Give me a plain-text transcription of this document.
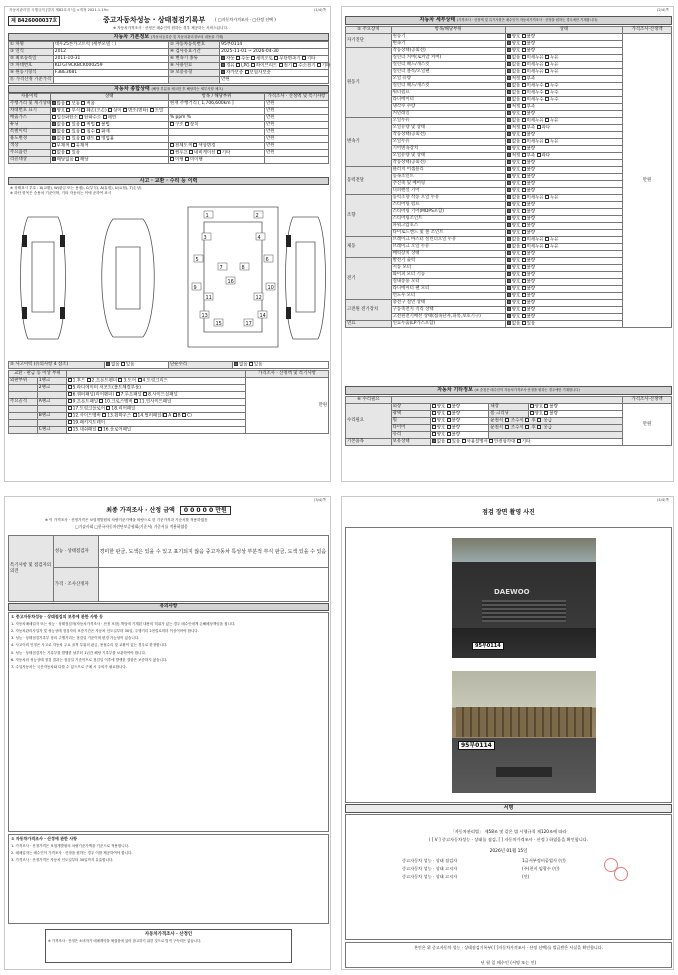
자동차관리법 시행규칙 [별지 제82호서식] <개정 2021.1.19>	(1/4)쪽
제 8426000037호	중고자동차성능 · 상태점검기록부 ( □자동차가격조사 · □산정 선택 )
※ 자동차가격조사 · 산정은 매수인이 원하는 경우 제공하는 서비스입니다.
자동차 기본정보 (자동차등록증 및 자동차관리정보의 내용을 기재)
① 차명	대우25톤카고트럭 (세부모델 : )	② 자동차등록번호	95부0114
③ 연식	2012	④ 검사유효기간	2025-11-01 ~ 2026-04-30
⑤ 최초등록일	2011-10-31	⑥ 변속기 종류	자동 수동 세미오토 무단변속기 기타
⑦ 차대번호	KLTGT9CKBCK000259	⑧ 사용연료	경유 LPG 하이브리드 전기 수소전기 기타
⑨ 원동기형식	F3BE3681	⑩ 보증유형	자가보증 보험사보증
⑪ 가격산정 기준가격			만원
자동차 종합상태 (해당 부분을 체크한 후 해당하는 세부사항 체크)
사용이력	상태	항목 / 해당부위	가격조사 · 산정액 및 특기사항
주행거리 및 계기상태	많음 보통 적음	현재 주행거리 [ 1,706,600km ]	만원
차대번호 표기	양호 부식 훼손(오손) 상이 변조(변타) 도말		만원
배출가스	일산화탄소 탄화수소 매연	% ppm %	만원
튜닝	없음 있음 적법 불법	구조 장치	만원
특별이력	없음 있음 침수 화재		만원
용도변경	없음 있음 렌트 영업용		만원
색상	무채색 유채색	전체도색 색상변경	만원
주요옵션	없음 있음	썬루프 네비게이션 기타	만원
리콜대상	해당없음 해당	이행 미이행	
사고 · 교환 · 수리 등 이력
※ 상태표시 부호 : X(교환), W(판금 또는 용접), C(부식), A(흠집), U(요철), T(손상)
※ 하단 항목은 승용차 기준이며, 기타 자동차는 이에 준하여 표시
1	2
3	4
5	6
7	8
9	10
11	12
13	14
15
16
17
⑤ 사고이력 (유의사항 4 참조)	없음 있음	단순수리	없음 있음
교환 · 판금 등 이상 부위			가격조사 · 산정액 및 특기사항
외판부위	1랭크	1.후드 2.프론트펜더 3.도어 4.트렁크리드	만원
	2랭크	5.라디에이터 서포트(볼트체결부품)	
		6.쿼터패널(리어펜더) 7.루프패널 8.사이드실패널	
주요골격	A랭크	9.프론트패널 10.크로스멤버 11.인사이드패널	
		17.트렁크플로어 18.리어패널	
	B랭크	12.사이드멤버 13.휠하우스 14.필러패널( A B C)	
		19.패키지트레이	
	C랭크	15.대쉬패널 16.플로어패널	
(2/4)쪽
자동차 세부상태 (가격조사 · 산정액 및 특기사항은 매수인이 자동차가격조사 · 산정을 원하는 경우에만 기재합니다)
⑤ 주요장치	항목/해당부위	상태	가격조사·산정액
자기진단	원동기	양호 불량	만원
	변속기	양호 불량	
원동기	작동상태(공회전)	양호 불량	
	실린더 커버(로커암 커버)	없음 미세누유 누유	
	실린더 헤드/개스킷	없음 미세누유 누유	
	실린더 블록/오일팬	없음 미세누유 누유	
	오일 유량	적정 부족	
	실린더 헤드/개스킷	없음 미세누수 누수	
	워터펌프	없음 미세누수 누수	
	라디에이터	없음 미세누수 누수	
	냉각수 수량	적정 부족	
	커먼레일	양호 불량	
변속기	오일누유	없음 미세누유 누유	
	오일유량 및 상태	적정 부족 과다	
	작동상태(공회전)	양호 불량	
	오일누유	없음 미세누유 누유	
	기어변속장치	양호 불량	
	오일유량 및 상태	적정 부족 과다	
	작동상태(공회전)	양호 불량	
동력전달	클러치 어셈블리	양호 불량	
	등속조인트	양호 불량	
	추진축 및 베어링	양호 불량	
	디퍼렌셜 기어	양호 불량	
조향	동력조향 작동 오일 누유	없음 미세누유 누유	
	스티어링 펌프	양호 불량	
	스티어링 기어(MDPS포함)	양호 불량	
	스티어링조인트	양호 불량	
	파워고압호스	양호 불량	
	타이로드엔드 및 볼 조인트	양호 불량	
제동	브레이크 마스터 실린더오일 누유	없음 미세누유 누유	
	브레이크 오일 누유	없음 미세누유 누유	
	배력장치 상태	양호 불량	
전기	발전기 출력	양호 불량	
	시동 모터	양호 불량	
	와이퍼 모터 기능	양호 불량	
	실내송풍 모터	양호 불량	
	라디에이터 팬 모터	양호 불량	
	윈도우 모터	양호 불량	
고전원 전기장치	충전구 절연 상태	양호 불량	
	구동축전지 격리 상태	양호 불량	
	고전원전기배선 상태(접속단자,피복,보호기구)	양호 불량	
연료	연료누출(LP가스포함)	없음 있음	
자동차 기타정보 (⑥ 중점은 매수인이 자동차가격조사·산정을 원하는 경우에만 기재합니다)
⑥ 수리필요					가격조사·산정액
수리필요	외장	양호 불량	내장	양호 불량	만원
	광택	양호 불량	룸 크리닝	양호 불량	
	휠	양호 불량	운전석  조수석  후  응급		
	타이어	양호 불량	운전석  조수석  후  응급		
	유리	양호 불량			
기본품목	보유상태	없음 있음 사용설명서 안전삼각대 기타			
(3/4)쪽
최종 가격조사 · 산정 금액 0 0 0 0 0 만원
※ 이 가격조사 · 산정가격은 보험개발원의 차량기준가액을 바탕으로 한 기준가격과 기준서를 적용하였음
□기술사회 □한국자동차진단보증협회(기준서) 기준서를 적용하였음
특기사항 및 점검자의 의견	성능 · 상태점검자	경미한 판금, 도색은 있을 수 있고 표기되지 않음 중고자동차 특성상 부분적 부식 판금, 도색 있을 수 있음
	가격 · 조사산정자	
유의사항
① 중고자동차성능 · 상태점검의 보증에 관한 사항 등
1. 자동차매매업자 또는 성능 · 상태점검자(자동차가격조사 · 산정 포함) 책임에 기재된 내용의 허위가 있는 경우 매수인에게 손해배상책임을 집니다.
2. 자동차관리사업자 및 성능상태 점검자의 보증기간은 자동차 인도일부터 30일, 주행거리 2천킬로미터 이상이어야 합니다.
3. 성능 · 상태점검기록부 상의 주행거리는 점검일 기준이며 변경 가능성이 있습니다.
4. 사고이력 인정은 사고로 자동차 주요 골격 부위의 판금, 용접수리 및 교환이 있는 경우로 한정합니다.
5. 성능 · 상태점검자는 기록부를 발행한 날부터 1년간 해당 기록부를 보관하여야 합니다.
6. 자동차의 성능상태 점검 결과는 점검일 기준이므로 점검일 이후에 발생한 결함은 보증하지 않습니다.
7. 수입자동차는 국산자동차와 다를 수 있으므로 구매 시 주의가 필요합니다.
② 자동차가격조사 · 산정에 관한 사항
1. 가격조사 · 산정가격은 보험개발원의 차량기준가액을 기준으로 적용합니다.
2. 매매업자는 매수인이 가격조사 · 산정을 원하는 경우 이를 제공하여야 합니다.
3. 가격조사 · 산정가격은 자동차 인도일부터 30일까지 유효합니다.
자동차가격조사 · 산정인
※ 가격조사 · 산정은 소비자가 매매계약을 체결함에 있어 참고하기 위한 것으로 법적 구속력은 없습니다.
(4/4)쪽
점검 장면 촬영 사진
DAEWOO
95부0114
95부0114
서명
「자동차관리법」 제58조 및 같은 법 시행규칙 제120조에 따라
( [ V ] 중고자동차성능 · 상태를 점검, [ ] 자동차가격조사 · 산정 ) 하였음을 확인합니다.
2026년 01월 15일
중고자동차 성능 · 상태 점검자	1급서부정비공업사 (인)
중고자동차 성능 · 상태 고지자	(주)천지 임광수 (인)
중고자동차 성능 · 상태 고지자	(인)
본인은 위 중고자동차 성능 · 상태점검기록부( [ ]자동차가격조사 · 산정 선택)를 발급받은 사실을 확인합니다.
년 월 일 매수인 (서명 또는 인)
